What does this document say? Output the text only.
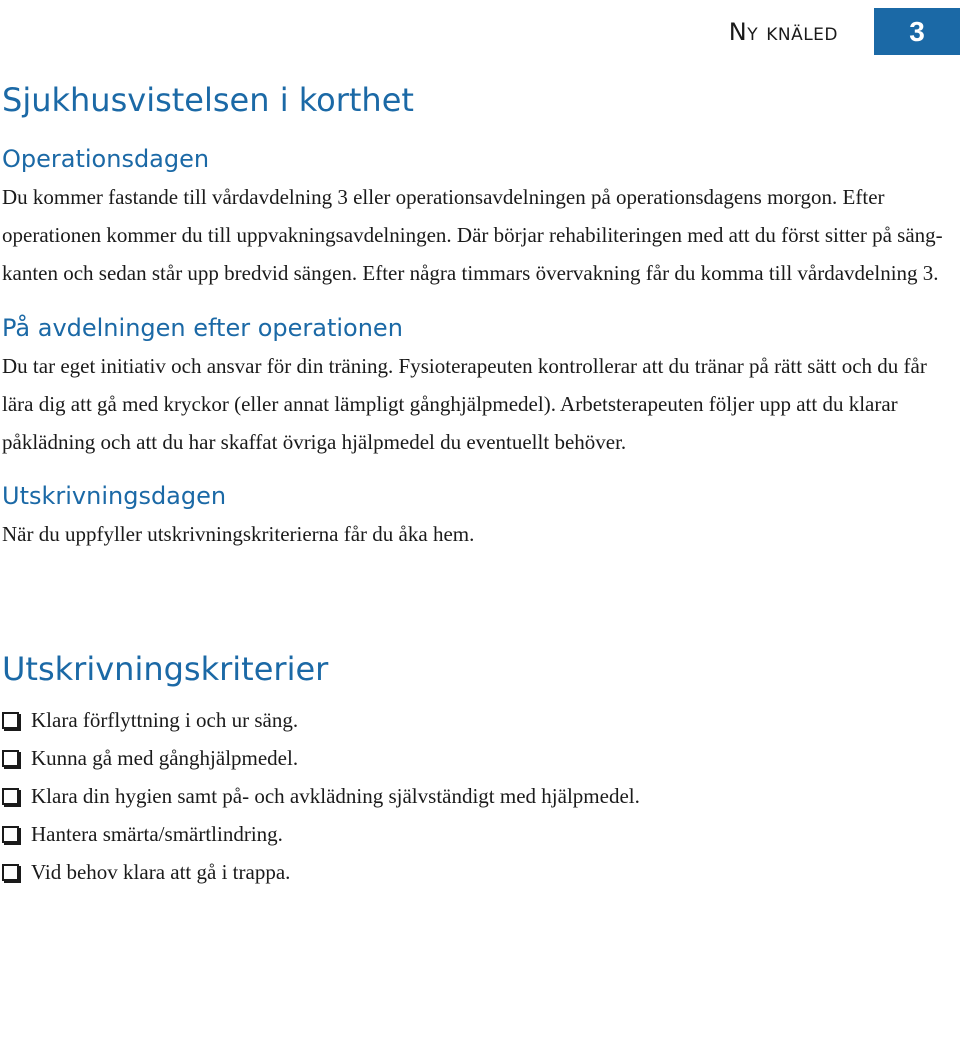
Ny knäled	3
Sjukhusvistelsen i korthet
Operationsdagen

Du kommer fastande till vårdavdelning 3 eller operationsavdelningen på operationsdagens morgon. Efter operationen kommer du till uppvakningsavdelningen. Där börjar rehabiliteringen med att du först sitter på sängkanten och sedan står upp bredvid sängen. Efter några timmars övervakning får du komma till vårdavdelning 3.

På avdelningen efter operationen

Du tar eget initiativ och ansvar för din träning. Fysioterapeuten kontrollerar att du tränar på rätt sätt och du får lära dig att gå med kryckor (eller annat lämpligt gånghjälpmedel). Arbetsterapeuten följer upp att du klarar påklädning och att du har skaffat övriga hjälpmedel du eventuellt behöver.

Utskrivningsdagen

När du uppfyller utskrivningskriterierna får du åka hem.

Utskrivningskriterier
Klara förflyttning i och ur säng.
Kunna gå med gånghjälpmedel.
Klara din hygien samt på- och avklädning självständigt med hjälpmedel.
Hantera smärta/smärtlindring.
Vid behov klara att gå i trappa.
